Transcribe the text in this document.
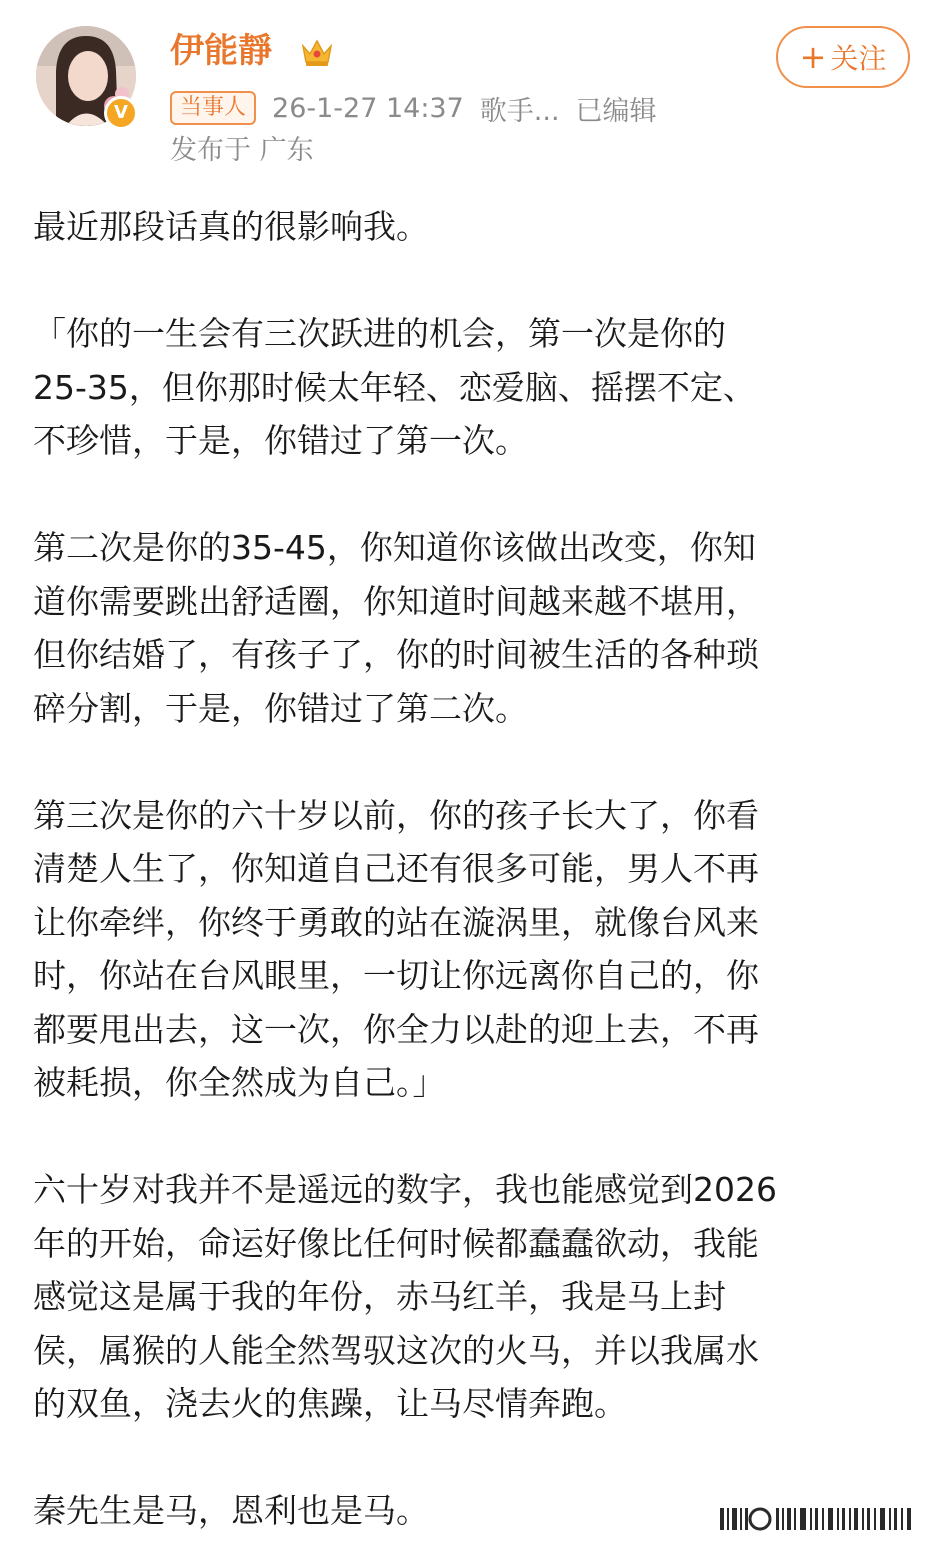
V
伊能靜
当事人 26-1-27 14:37 歌手... 已编辑
发布于 广东
+ 关注

最近那段话真的很影响我。

「你的一生会有三次跃进的机会，第一次是你的
25-35，但你那时候太年轻、恋爱脑、摇摆不定、
不珍惜，于是，你错过了第一次。

第二次是你的35-45，你知道你该做出改变，你知
道你需要跳出舒适圈，你知道时间越来越不堪用，
但你结婚了，有孩子了，你的时间被生活的各种琐
碎分割，于是，你错过了第二次。

第三次是你的六十岁以前，你的孩子长大了，你看
清楚人生了，你知道自己还有很多可能，男人不再
让你牵绊，你终于勇敢的站在漩涡里，就像台风来
时，你站在台风眼里，一切让你远离你自己的，你
都要甩出去，这一次，你全力以赴的迎上去，不再
被耗损，你全然成为自己。」

六十岁对我并不是遥远的数字，我也能感觉到2026
年的开始，命运好像比任何时候都蠢蠢欲动，我能
感觉这是属于我的年份，赤马红羊，我是马上封
侯，属猴的人能全然驾驭这次的火马，并以我属水
的双鱼，浇去火的焦躁，让马尽情奔跑。

秦先生是马，恩利也是马。
